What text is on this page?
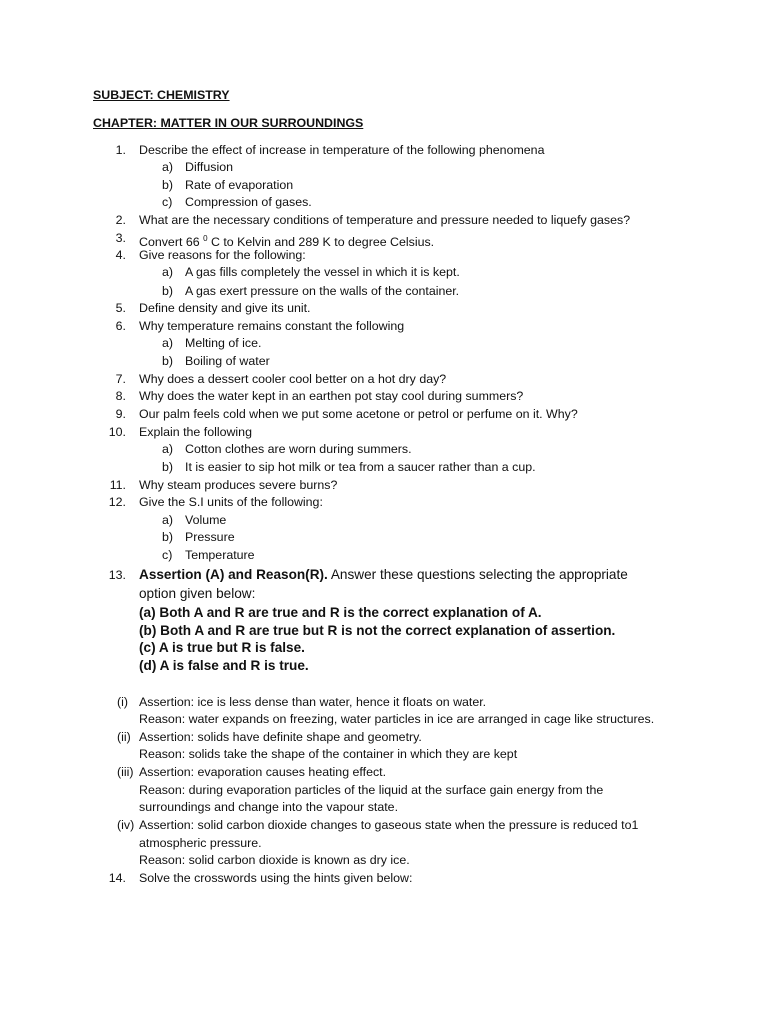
SUBJECT: CHEMISTRY
CHAPTER: MATTER IN OUR SURROUNDINGS
1. Describe the effect of increase in temperature of the following phenomena
a) Diffusion
b) Rate of evaporation
c) Compression of gases.
2. What are the necessary conditions of temperature and pressure needed to liquefy gases?
3. Convert 66 $^0$ C to Kelvin and 289 K to degree Celsius.
4. Give reasons for the following:
a) A gas fills completely the vessel in which it is kept.
b) A gas exert pressure on the walls of the container.
5. Define density and give its unit.
6. Why temperature remains constant the following
a) Melting of ice.
b) Boiling of water
7. Why does a dessert cooler cool better on a hot dry day?
8. Why does the water kept in an earthen pot stay cool during summers?
9. Our palm feels cold when we put some acetone or petrol or perfume on it. Why?
10. Explain the following
a) Cotton clothes are worn during summers.
b) It is easier to sip hot milk or tea from a saucer rather than a cup.
11. Why steam produces severe burns?
12. Give the S.I units of the following:
a) Volume
b) Pressure
c) Temperature
13. Assertion (A) and Reason(R). Answer these questions selecting the appropriate
option given below:
(a) Both A and R are true and R is the correct explanation of A.
(b) Both A and R are true but R is not the correct explanation of assertion.
(c) A is true but R is false.
(d) A is false and R is true.
(i) Assertion: ice is less dense than water, hence it floats on water.
Reason: water expands on freezing, water particles in ice are arranged in cage like structures.
(ii) Assertion: solids have definite shape and geometry.
Reason: solids take the shape of the container in which they are kept
(iii) Assertion: evaporation causes heating effect.
Reason: during evaporation particles of the liquid at the surface gain energy from the
surroundings and change into the vapour state.
(iv) Assertion: solid carbon dioxide changes to gaseous state when the pressure is reduced to1
atmospheric pressure.
Reason: solid carbon dioxide is known as dry ice.
14. Solve the crosswords using the hints given below:
